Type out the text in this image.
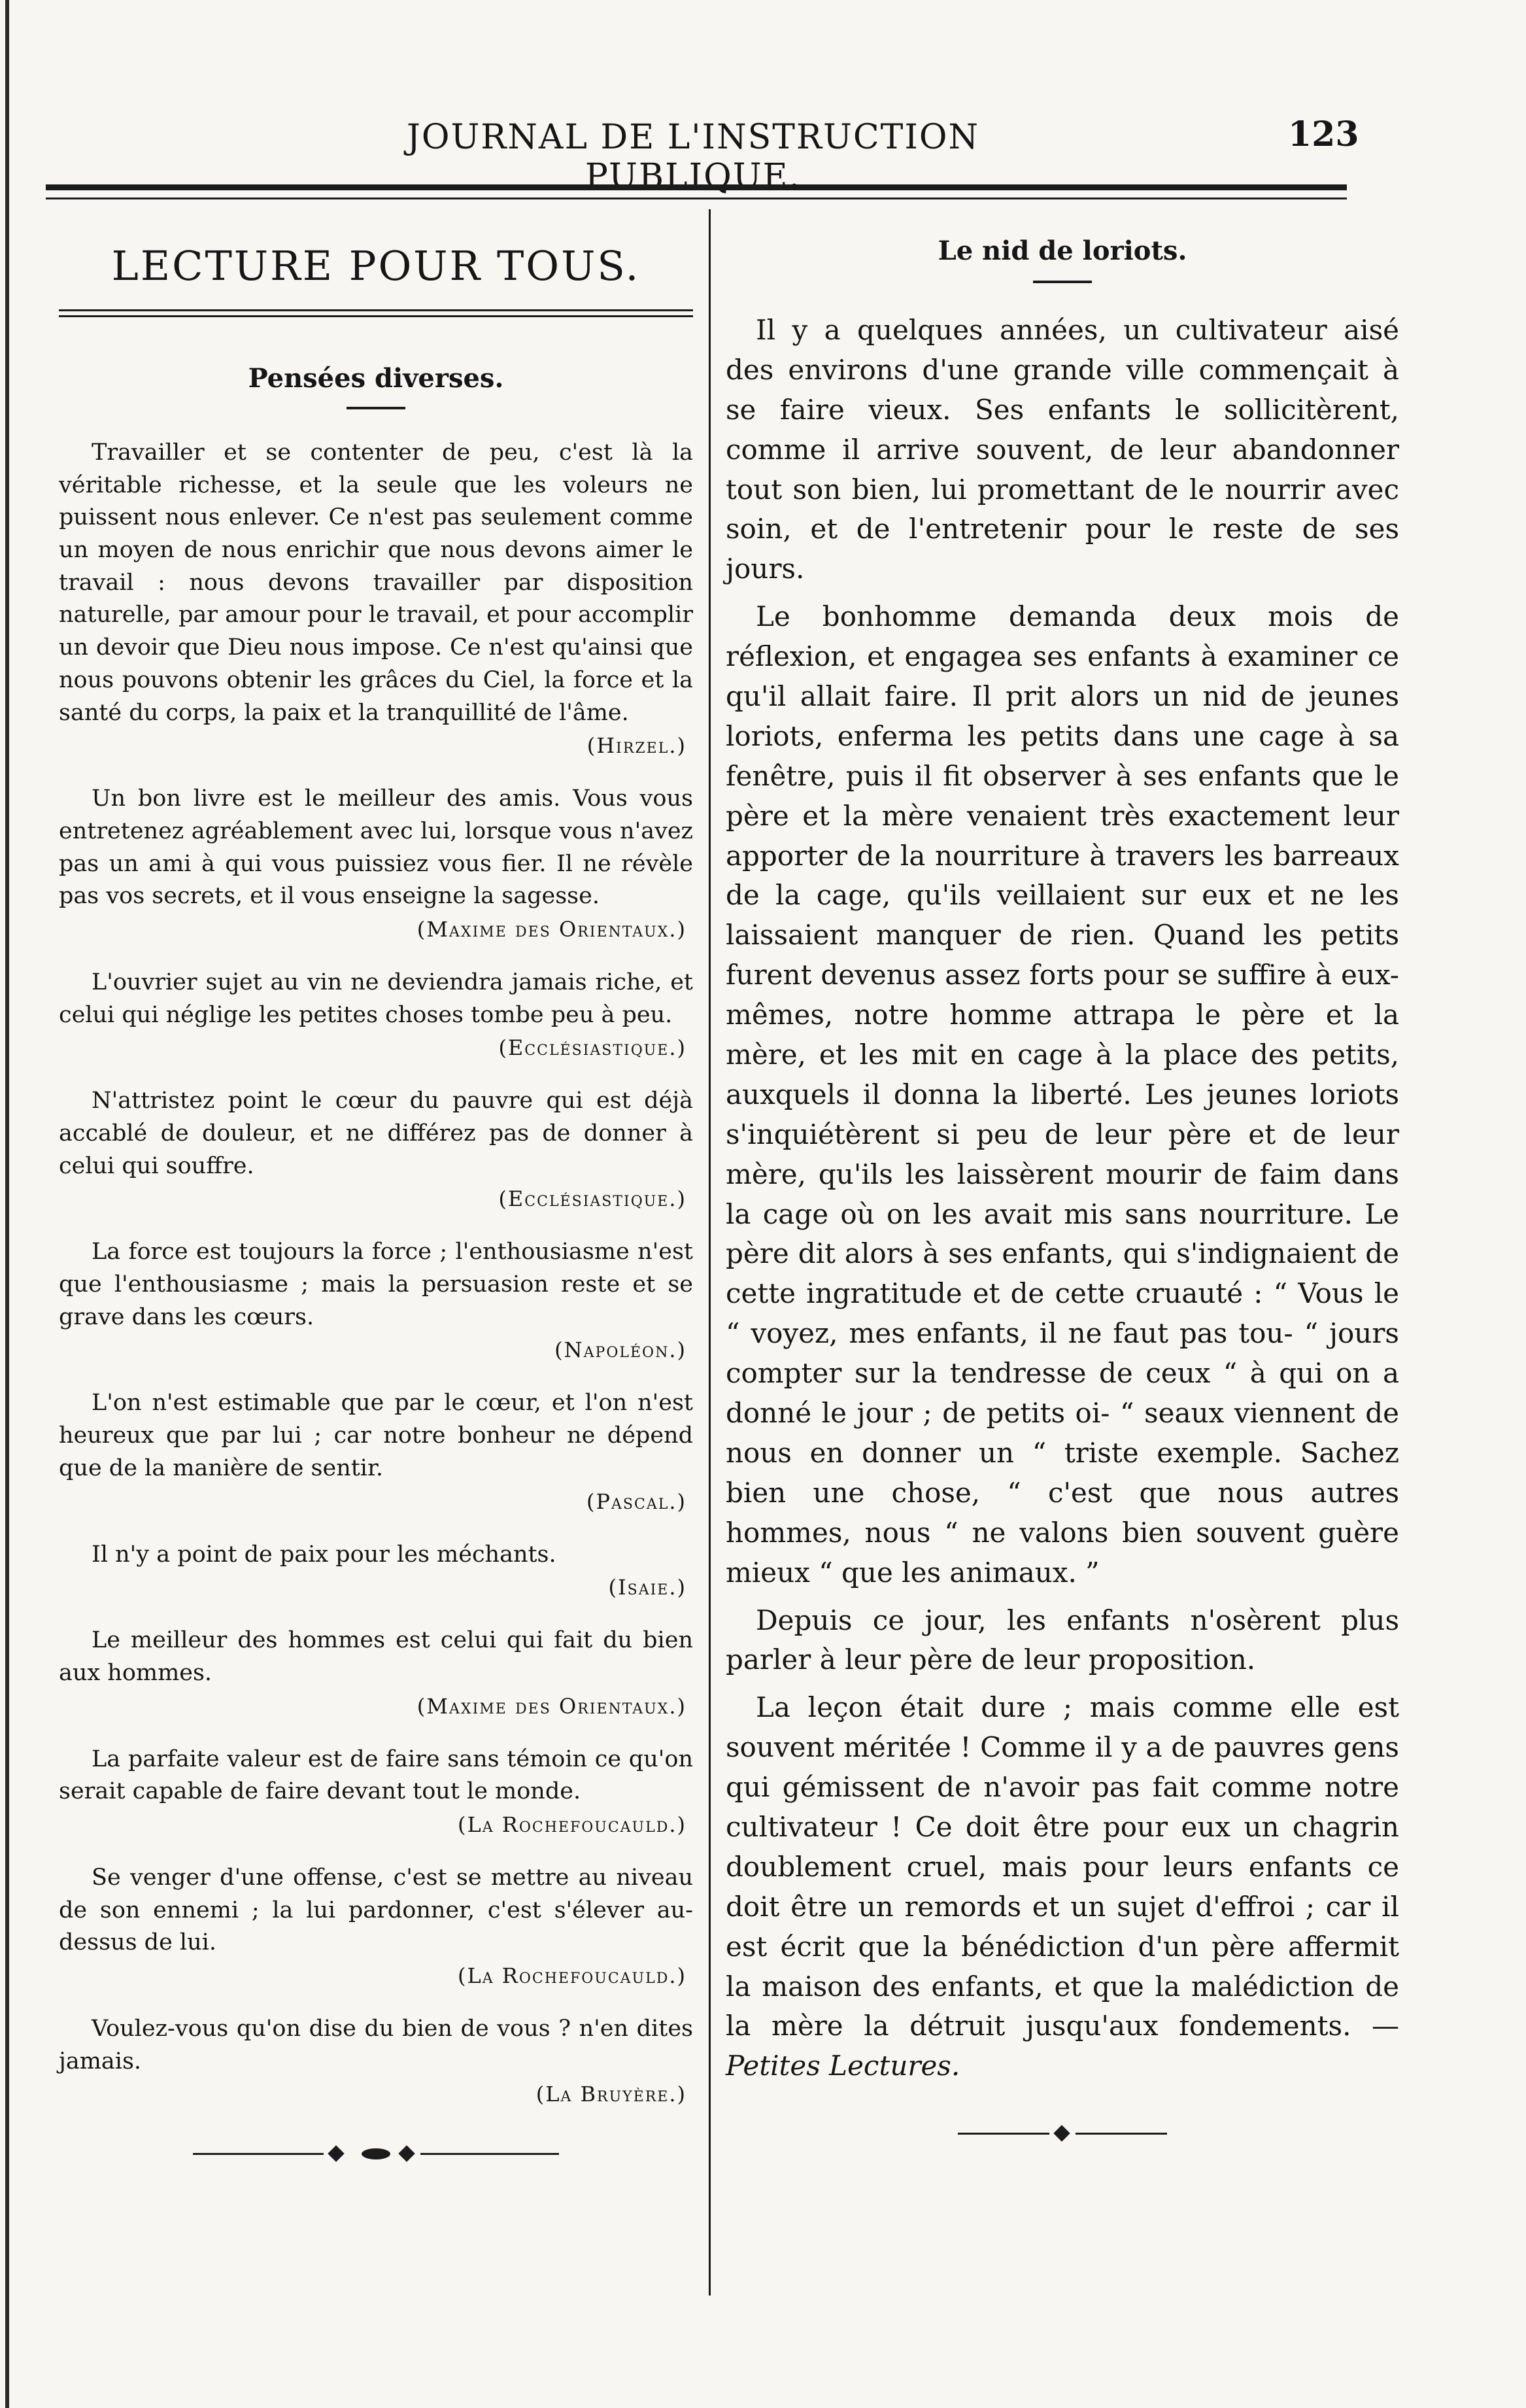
JOURNAL DE L'INSTRUCTION PUBLIQUE.
123
LECTURE POUR TOUS.
Pensées diverses.

Travailler et se contenter de peu, c'est là la véritable richesse, et la seule que les voleurs ne puissent nous enlever. Ce n'est pas seulement comme un moyen de nous enrichir que nous devons aimer le travail : nous devons travailler par disposition naturelle, par amour pour le travail, et pour accomplir un devoir que Dieu nous impose. Ce n'est qu'ainsi que nous pouvons obtenir les grâces du Ciel, la force et la santé du corps, la paix et la tranquillité de l'âme.

(Hirzel.)

Un bon livre est le meilleur des amis. Vous vous entretenez agréablement avec lui, lorsque vous n'avez pas un ami à qui vous puissiez vous fier. Il ne révèle pas vos secrets, et il vous enseigne la sagesse.

(Maxime des Orientaux.)

L'ouvrier sujet au vin ne deviendra jamais riche, et celui qui néglige les petites choses tombe peu à peu.

(Ecclésiastique.)

N'attristez point le cœur du pauvre qui est déjà accablé de douleur, et ne différez pas de donner à celui qui souffre.

(Ecclésiastique.)

La force est toujours la force ; l'enthousiasme n'est que l'enthousiasme ; mais la persuasion reste et se grave dans les cœurs.

(Napoléon.)

L'on n'est estimable que par le cœur, et l'on n'est heureux que par lui ; car notre bonheur ne dépend que de la manière de sentir.

(Pascal.)

Il n'y a point de paix pour les méchants.

(Isaie.)

Le meilleur des hommes est celui qui fait du bien aux hommes.

(Maxime des Orientaux.)

La parfaite valeur est de faire sans témoin ce qu'on serait capable de faire devant tout le monde.

(La Rochefoucauld.)

Se venger d'une offense, c'est se mettre au niveau de son ennemi ; la lui pardonner, c'est s'élever au-dessus de lui.

(La Rochefoucauld.)

Voulez-vous qu'on dise du bien de vous ? n'en dites jamais.

(La Bruyère.)
Le nid de loriots.

Il y a quelques années, un cultivateur aisé des environs d'une grande ville commençait à se faire vieux. Ses enfants le sollicitèrent, comme il arrive souvent, de leur abandonner tout son bien, lui promettant de le nourrir avec soin, et de l'entretenir pour le reste de ses jours.

Le bonhomme demanda deux mois de réflexion, et engagea ses enfants à examiner ce qu'il allait faire. Il prit alors un nid de jeunes loriots, enferma les petits dans une cage à sa fenêtre, puis il fit observer à ses enfants que le père et la mère venaient très exactement leur apporter de la nourriture à travers les barreaux de la cage, qu'ils veillaient sur eux et ne les laissaient manquer de rien. Quand les petits furent devenus assez forts pour se suffire à eux-mêmes, notre homme attrapa le père et la mère, et les mit en cage à la place des petits, auxquels il donna la liberté. Les jeunes loriots s'inquiétèrent si peu de leur père et de leur mère, qu'ils les laissèrent mourir de faim dans la cage où on les avait mis sans nourriture. Le père dit alors à ses enfants, qui s'indignaient de cette ingratitude et de cette cruauté : “ Vous le “ voyez, mes enfants, il ne faut pas tou- “ jours compter sur la tendresse de ceux “ à qui on a donné le jour ; de petits oi- “ seaux viennent de nous en donner un “ triste exemple. Sachez bien une chose, “ c'est que nous autres hommes, nous “ ne valons bien souvent guère mieux “ que les animaux. ”

Depuis ce jour, les enfants n'osèrent plus parler à leur père de leur proposition.

La leçon était dure ; mais comme elle est souvent méritée ! Comme il y a de pauvres gens qui gémissent de n'avoir pas fait comme notre cultivateur ! Ce doit être pour eux un chagrin doublement cruel, mais pour leurs enfants ce doit être un remords et un sujet d'effroi ; car il est écrit que la bénédiction d'un père affermit la maison des enfants, et que la malédiction de la mère la détruit jusqu'aux fondements. — Petites Lectures.
